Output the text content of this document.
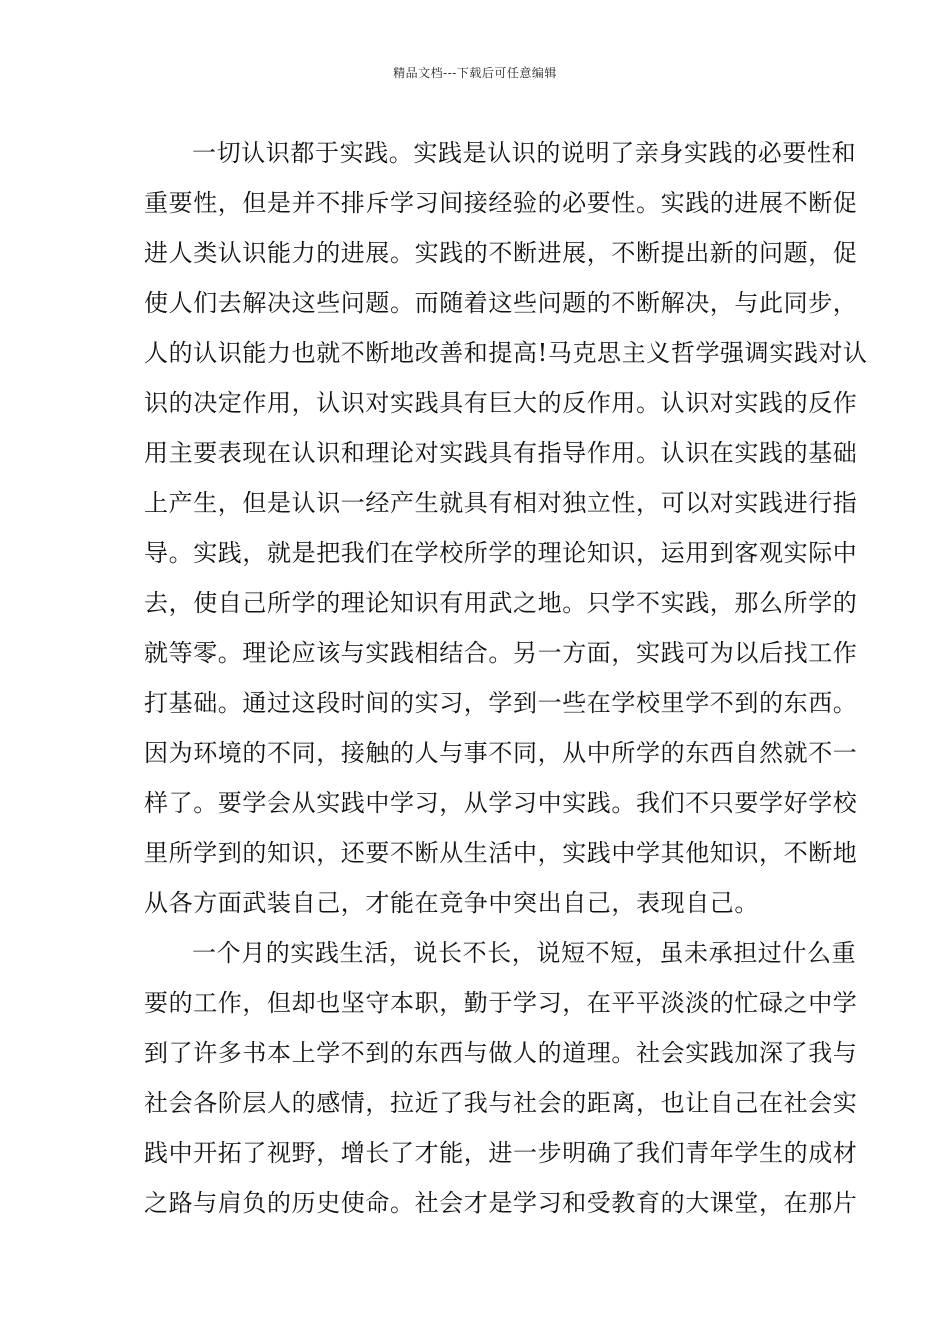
精品文档---下载后可任意编辑
一切认识都于实践。实践是认识的说明了亲身实践的必要性和
重要性，但是并不排斥学习间接经验的必要性。实践的进展不断促
进人类认识能力的进展。实践的不断进展，不断提出新的问题，促
使人们去解决这些问题。而随着这些问题的不断解决，与此同步，
人的认识能力也就不断地改善和提高!马克思主义哲学强调实践对认
识的决定作用，认识对实践具有巨大的反作用。认识对实践的反作
用主要表现在认识和理论对实践具有指导作用。认识在实践的基础
上产生，但是认识一经产生就具有相对独立性，可以对实践进行指
导。实践，就是把我们在学校所学的理论知识，运用到客观实际中
去，使自己所学的理论知识有用武之地。只学不实践，那么所学的
就等零。理论应该与实践相结合。另一方面，实践可为以后找工作
打基础。通过这段时间的实习，学到一些在学校里学不到的东西。
因为环境的不同，接触的人与事不同，从中所学的东西自然就不一
样了。要学会从实践中学习，从学习中实践。我们不只要学好学校
里所学到的知识，还要不断从生活中，实践中学其他知识，不断地
从各方面武装自己，才能在竞争中突出自己，表现自己。
一个月的实践生活，说长不长，说短不短，虽未承担过什么重
要的工作，但却也坚守本职，勤于学习，在平平淡淡的忙碌之中学
到了许多书本上学不到的东西与做人的道理。社会实践加深了我与
社会各阶层人的感情，拉近了我与社会的距离，也让自己在社会实
践中开拓了视野，增长了才能，进一步明确了我们青年学生的成材
之路与肩负的历史使命。社会才是学习和受教育的大课堂，在那片
